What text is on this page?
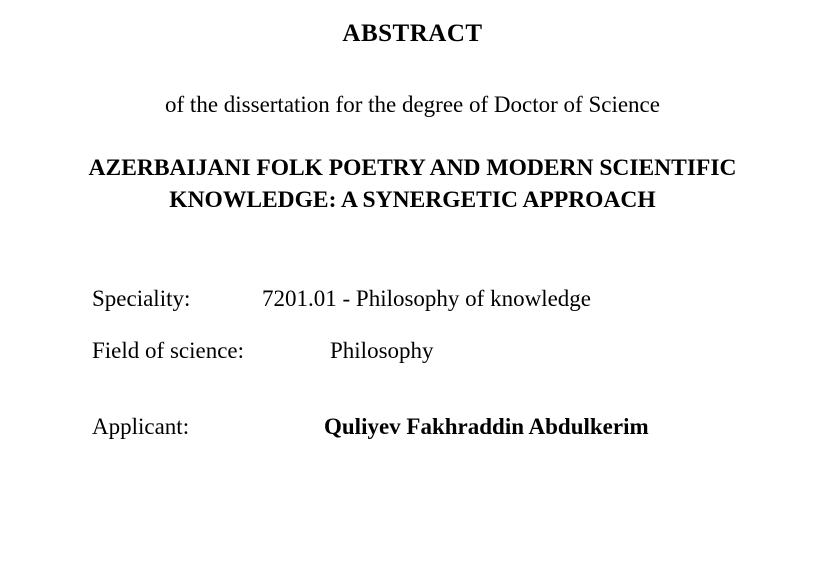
ABSTRACT
of the dissertation for the degree of Doctor of Science
AZERBAIJANI FOLK POETRY AND MODERN SCIENTIFIC
KNOWLEDGE: A SYNERGETIC APPROACH
Speciality:	7201.01 - Philosophy of knowledge
Field of science:	Philosophy
Applicant:	Quliyev Fakhraddin Abdulkerim
